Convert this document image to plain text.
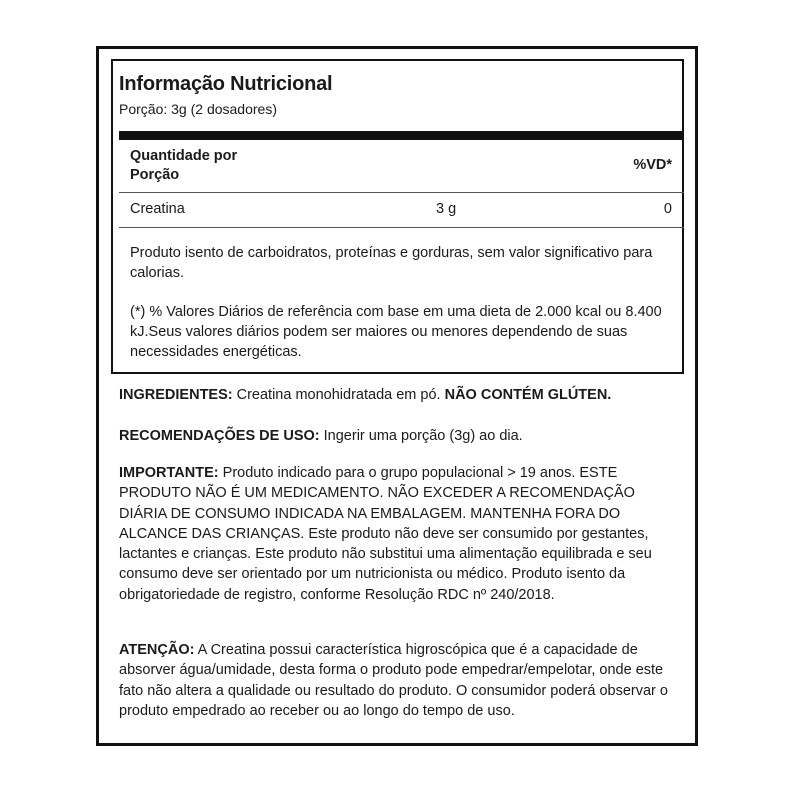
Informação Nutricional
Porção: 3g (2 dosadores)
Quantidade por Porção
%VD*
Creatina	3 g	0
Produto isento de carboidratos, proteínas e gorduras, sem valor significativo para calorias.
(*) % Valores Diários de referência com base em uma dieta de 2.000 kcal ou 8.400 kJ.Seus valores diários podem ser maiores ou menores dependendo de suas necessidades energéticas.
INGREDIENTES: Creatina monohidratada em pó. NÃO CONTÉM GLÚTEN.
RECOMENDAÇÕES DE USO: Ingerir uma porção (3g) ao dia.
IMPORTANTE: Produto indicado para o grupo populacional > 19 anos. ESTE PRODUTO NÃO É UM MEDICAMENTO. NÃO EXCEDER A RECOMENDAÇÃO DIÁRIA DE CONSUMO INDICADA NA EMBALAGEM. MANTENHA FORA DO ALCANCE DAS CRIANÇAS. Este produto não deve ser consumido por gestantes, lactantes e crianças. Este produto não substitui uma alimentação equilibrada e seu consumo deve ser orientado por um nutricionista ou médico. Produto isento da obrigatoriedade de registro, conforme Resolução RDC nº 240/2018.
ATENÇÃO: A Creatina possui característica higroscópica que é a capacidade de absorver água/umidade, desta forma o produto pode empedrar/empelotar, onde este fato não altera a qualidade ou resultado do produto. O consumidor poderá observar o produto empedrado ao receber ou ao longo do tempo de uso.
